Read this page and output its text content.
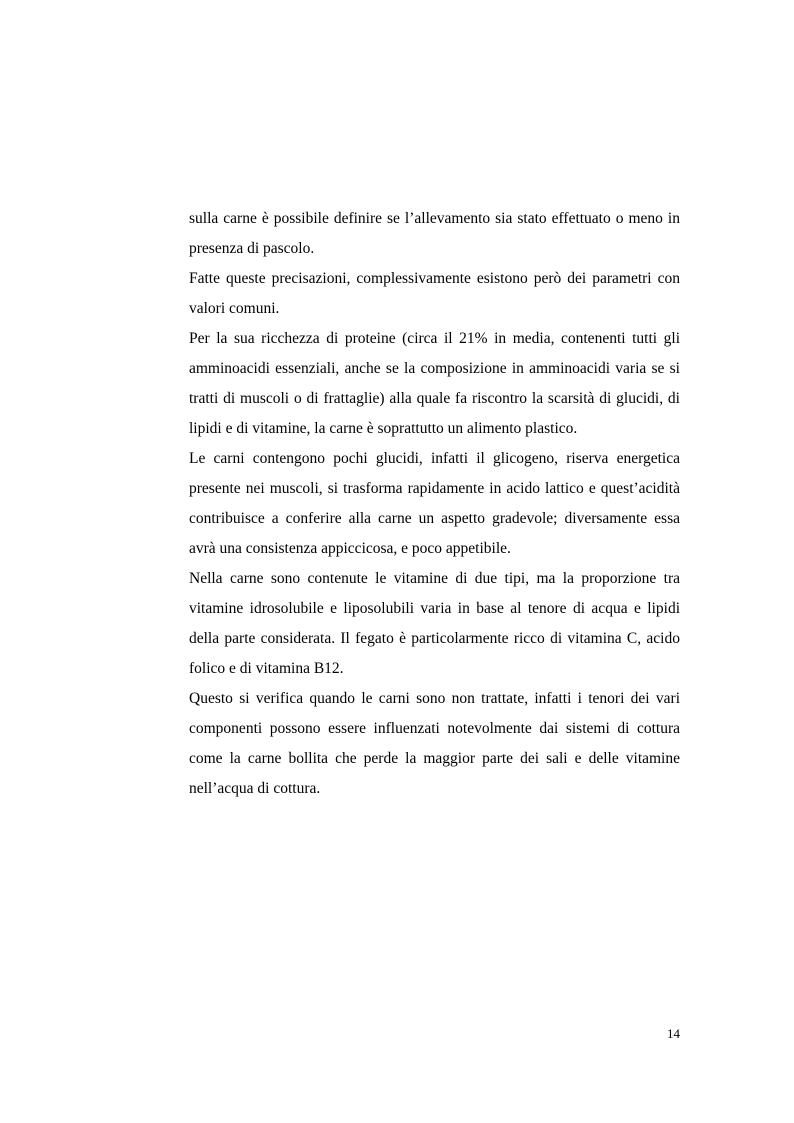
sulla carne è possibile definire se l’allevamento sia stato effettuato o meno in presenza di pascolo.

Fatte queste precisazioni, complessivamente esistono però dei parametri con valori comuni.

Per la sua ricchezza di proteine (circa il 21% in media, contenenti tutti gli amminoacidi essenziali, anche se la composizione in amminoacidi varia se si tratti di muscoli o di frattaglie) alla quale fa riscontro la scarsità di glucidi, di lipidi e di vitamine, la carne è soprattutto un alimento plastico.

Le carni contengono pochi glucidi, infatti il glicogeno, riserva energetica presente nei muscoli, si trasforma rapidamente in acido lattico e quest’acidità contribuisce a conferire alla carne un aspetto gradevole; diversamente essa avrà una consistenza appiccicosa, e poco appetibile.

Nella carne sono contenute le vitamine di due tipi, ma la proporzione tra vitamine idrosolubile e liposolubili varia in base al tenore di acqua e lipidi della parte considerata. Il fegato è particolarmente ricco di vitamina C, acido folico e di vitamina B12.

Questo si verifica quando le carni sono non trattate, infatti i tenori dei vari componenti possono essere influenzati notevolmente dai sistemi di cottura come la carne bollita che perde la maggior parte dei sali e delle vitamine nell’acqua di cottura.

14
